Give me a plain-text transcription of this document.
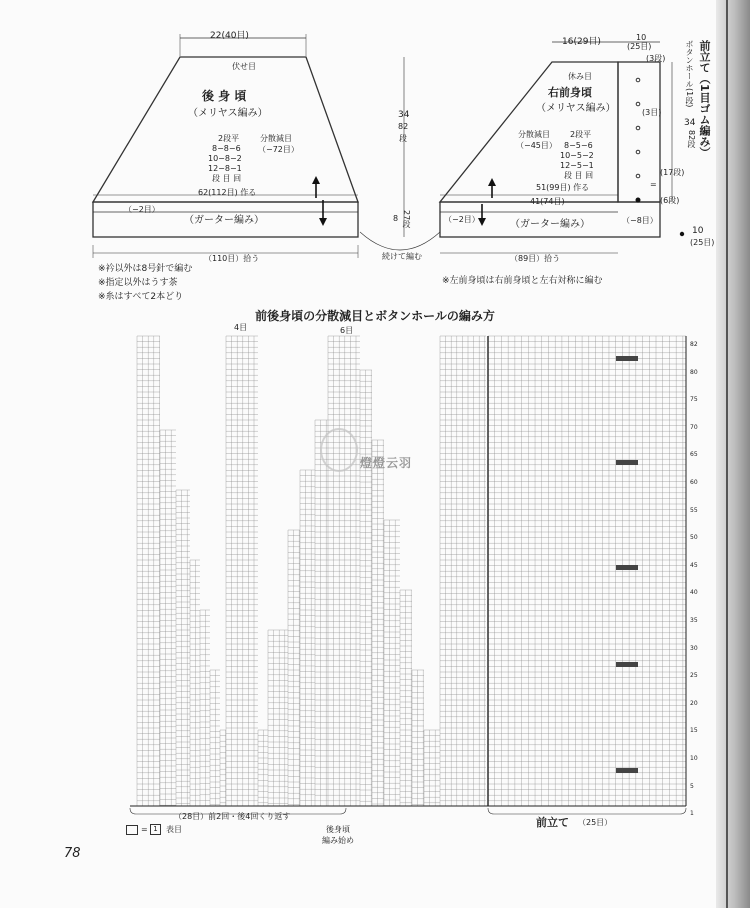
22(40目)
伏せ目
後 身 頃
（メリヤス編み）
2段平	分散減目
（−72目）
8−8−6
10−8−2
12−8−1
段 目 回
62(112目) 作る
（−2目）
（ガーター編み）
（110目）拾う
34
82
段
8 27段
続けて編む
16(29目)	10
(25目)
休み目
右前身頃
（メリヤス編み）
分散減目	2段平
（−45目） 8−5−6
10−5−2
12−5−1
段 目 回
51(99目) 作る
41(74目)
（−2目）	（−8目）
（ガーター編み）
（89目）拾う
(3段)
(3目)
(17段)
=
(6段)
34
82段
10
(25目)
前立て（1目ゴム編み）
ボタンホール(1段)
※衿以外は8号針で編む
※指定以外はうす茶
※糸はすべて2本どり
※左前身頃は右前身頃と左右対称に編む
前後身頃の分散減目とボタンホールの編み方
4目	6目
82
80
75
70
65
60
55
50
45
40
35
30
25
20
15
10
5
1
（28目）前2回・後4回くり返す
後身頃
編み始め
前立て （25目）
= 1	表目
燈燈云羽
78
